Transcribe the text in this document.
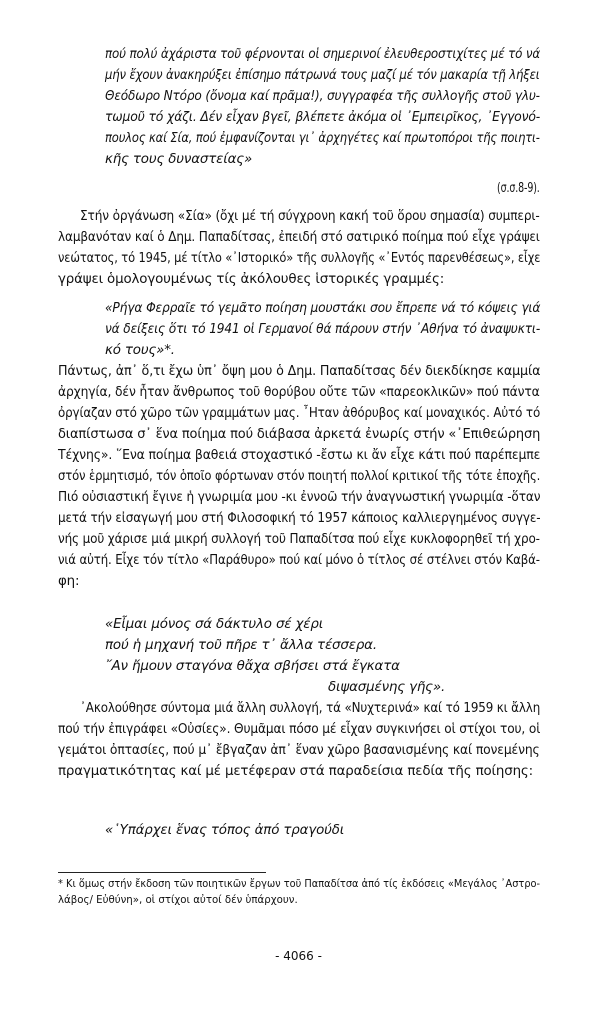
πού πολύ ἀχάριστα τοῦ φέρνονται οἱ σημερινοί ἐλευθεροστιχίτες μέ τό νά
μήν ἔχουν ἀνακηρύξει ἐπίσημο πάτρωνά τους μαζί μέ τόν μακαρία τῇ λήξει
Θεόδωρο Ντόρο (ὄνομα καί πρᾶμα!), συγγραφέα τῆς συλλογῆς στοῦ γλυ-
τωμοῦ τό χάζι. Δέν εἶχαν βγεῖ, βλέπετε ἀκόμα οἱ ᾽Εμπειρῖκος, ᾽Εγγονό-
πουλος καί Σία, πού ἐμφανίζονται γι᾽ ἀρχηγέτες καί πρωτοπόροι τῆς ποιητι-
κῆς τους δυναστείας»
(σ.σ.8-9).
Στήν ὀργάνωση «Σία» (ὄχι μέ τή σύγχρονη κακή τοῦ ὅρου σημασία) συμπερι-
λαμβανόταν καί ὁ Δημ. Παπαδίτσας, ἐπειδή στό σατιρικό ποίημα πού εἶχε γράψει
νεώτατος, τό 1945, μέ τίτλο «᾽Ιστορικό» τῆς συλλογῆς «᾽Εντός παρενθέσεως», εἶχε
γράψει ὁμολογουμένως τίς ἀκόλουθες ἱστορικές γραμμές:
«Ρήγα Φερραῖε τό γεμᾶτο ποίηση μουστάκι σου ἔπρεπε νά τό κόψεις γιά
νά δείξεις ὅτι τό 1941 οἱ Γερμανοί θά πάρουν στήν ᾽Αθήνα τό ἀναψυκτι-
κό τους»*.
Πάντως, ἀπ᾽ ὅ,τι ἔχω ὑπ᾽ ὄψη μου ὁ Δημ. Παπαδίτσας δέν διεκδίκησε καμμία
ἀρχηγία, δέν ἦταν ἄνθρωπος τοῦ θορύβου οὔτε τῶν «παρεοκλικῶν» πού πάντα
ὀργίαζαν στό χῶρο τῶν γραμμάτων μας. ῏Ηταν ἀθόρυβος καί μοναχικός. Αὐτό τό
διαπίστωσα σ᾽ ἕνα ποίημα πού διάβασα ἀρκετά ἐνωρίς στήν «᾽Επιθεώρηση
Τέχνης». ῞Ενα ποίημα βαθειά στοχαστικό -ἔστω κι ἄν εἶχε κάτι πού παρέπεμπε
στόν ἑρμητισμό, τόν ὁποῖο φόρτωναν στόν ποιητή πολλοί κριτικοί τῆς τότε ἐποχῆς.
Πιό οὐσιαστική ἔγινε ἡ γνωριμία μου -κι ἐννοῶ τήν ἀναγνωστική γνωριμία -ὅταν
μετά τήν εἰσαγωγή μου στή Φιλοσοφική τό 1957 κάποιος καλλιεργημένος συγγε-
νής μοῦ χάρισε μιά μικρή συλλογή τοῦ Παπαδίτσα πού εἶχε κυκλοφορηθεῖ τή χρο-
νιά αὐτή. Εἶχε τόν τίτλο «Παράθυρο» πού καί μόνο ὁ τίτλος σέ στέλνει στόν Καβά-
φη:
«Εἶμαι μόνος σά δάκτυλο σέ χέρι
πού ἡ μηχανή τοῦ πῆρε τ᾽ ἄλλα τέσσερα.
῎Αν ἤμουν σταγόνα θἄχα σβήσει στά ἔγκατα
διψασμένης γῆς».
᾽Ακολούθησε σύντομα μιά ἄλλη συλλογή, τά «Νυχτερινά» καί τό 1959 κι ἄλλη
πού τήν ἐπιγράφει «Οὐσίες». Θυμᾶμαι πόσο μέ εἶχαν συγκινήσει οἱ στίχοι του, οἱ
γεμάτοι ὀπτασίες, πού μ᾽ ἔβγαζαν ἀπ᾽ ἕναν χῶρο βασανισμένης καί πονεμένης
πραγματικότητας καί μέ μετέφεραν στά παραδείσια πεδία τῆς ποίησης:
«῾Υπάρχει ἕνας τόπος ἀπό τραγούδι
* Κι ὅμως στήν ἔκδοση τῶν ποιητικῶν ἔργων τοῦ Παπαδίτσα ἀπό τίς ἐκδόσεις «Μεγάλος ᾽Αστρο-
λάβος/ Εὐθύνη», οἱ στίχοι αὐτοί δέν ὑπάρχουν.
- 4066 -
